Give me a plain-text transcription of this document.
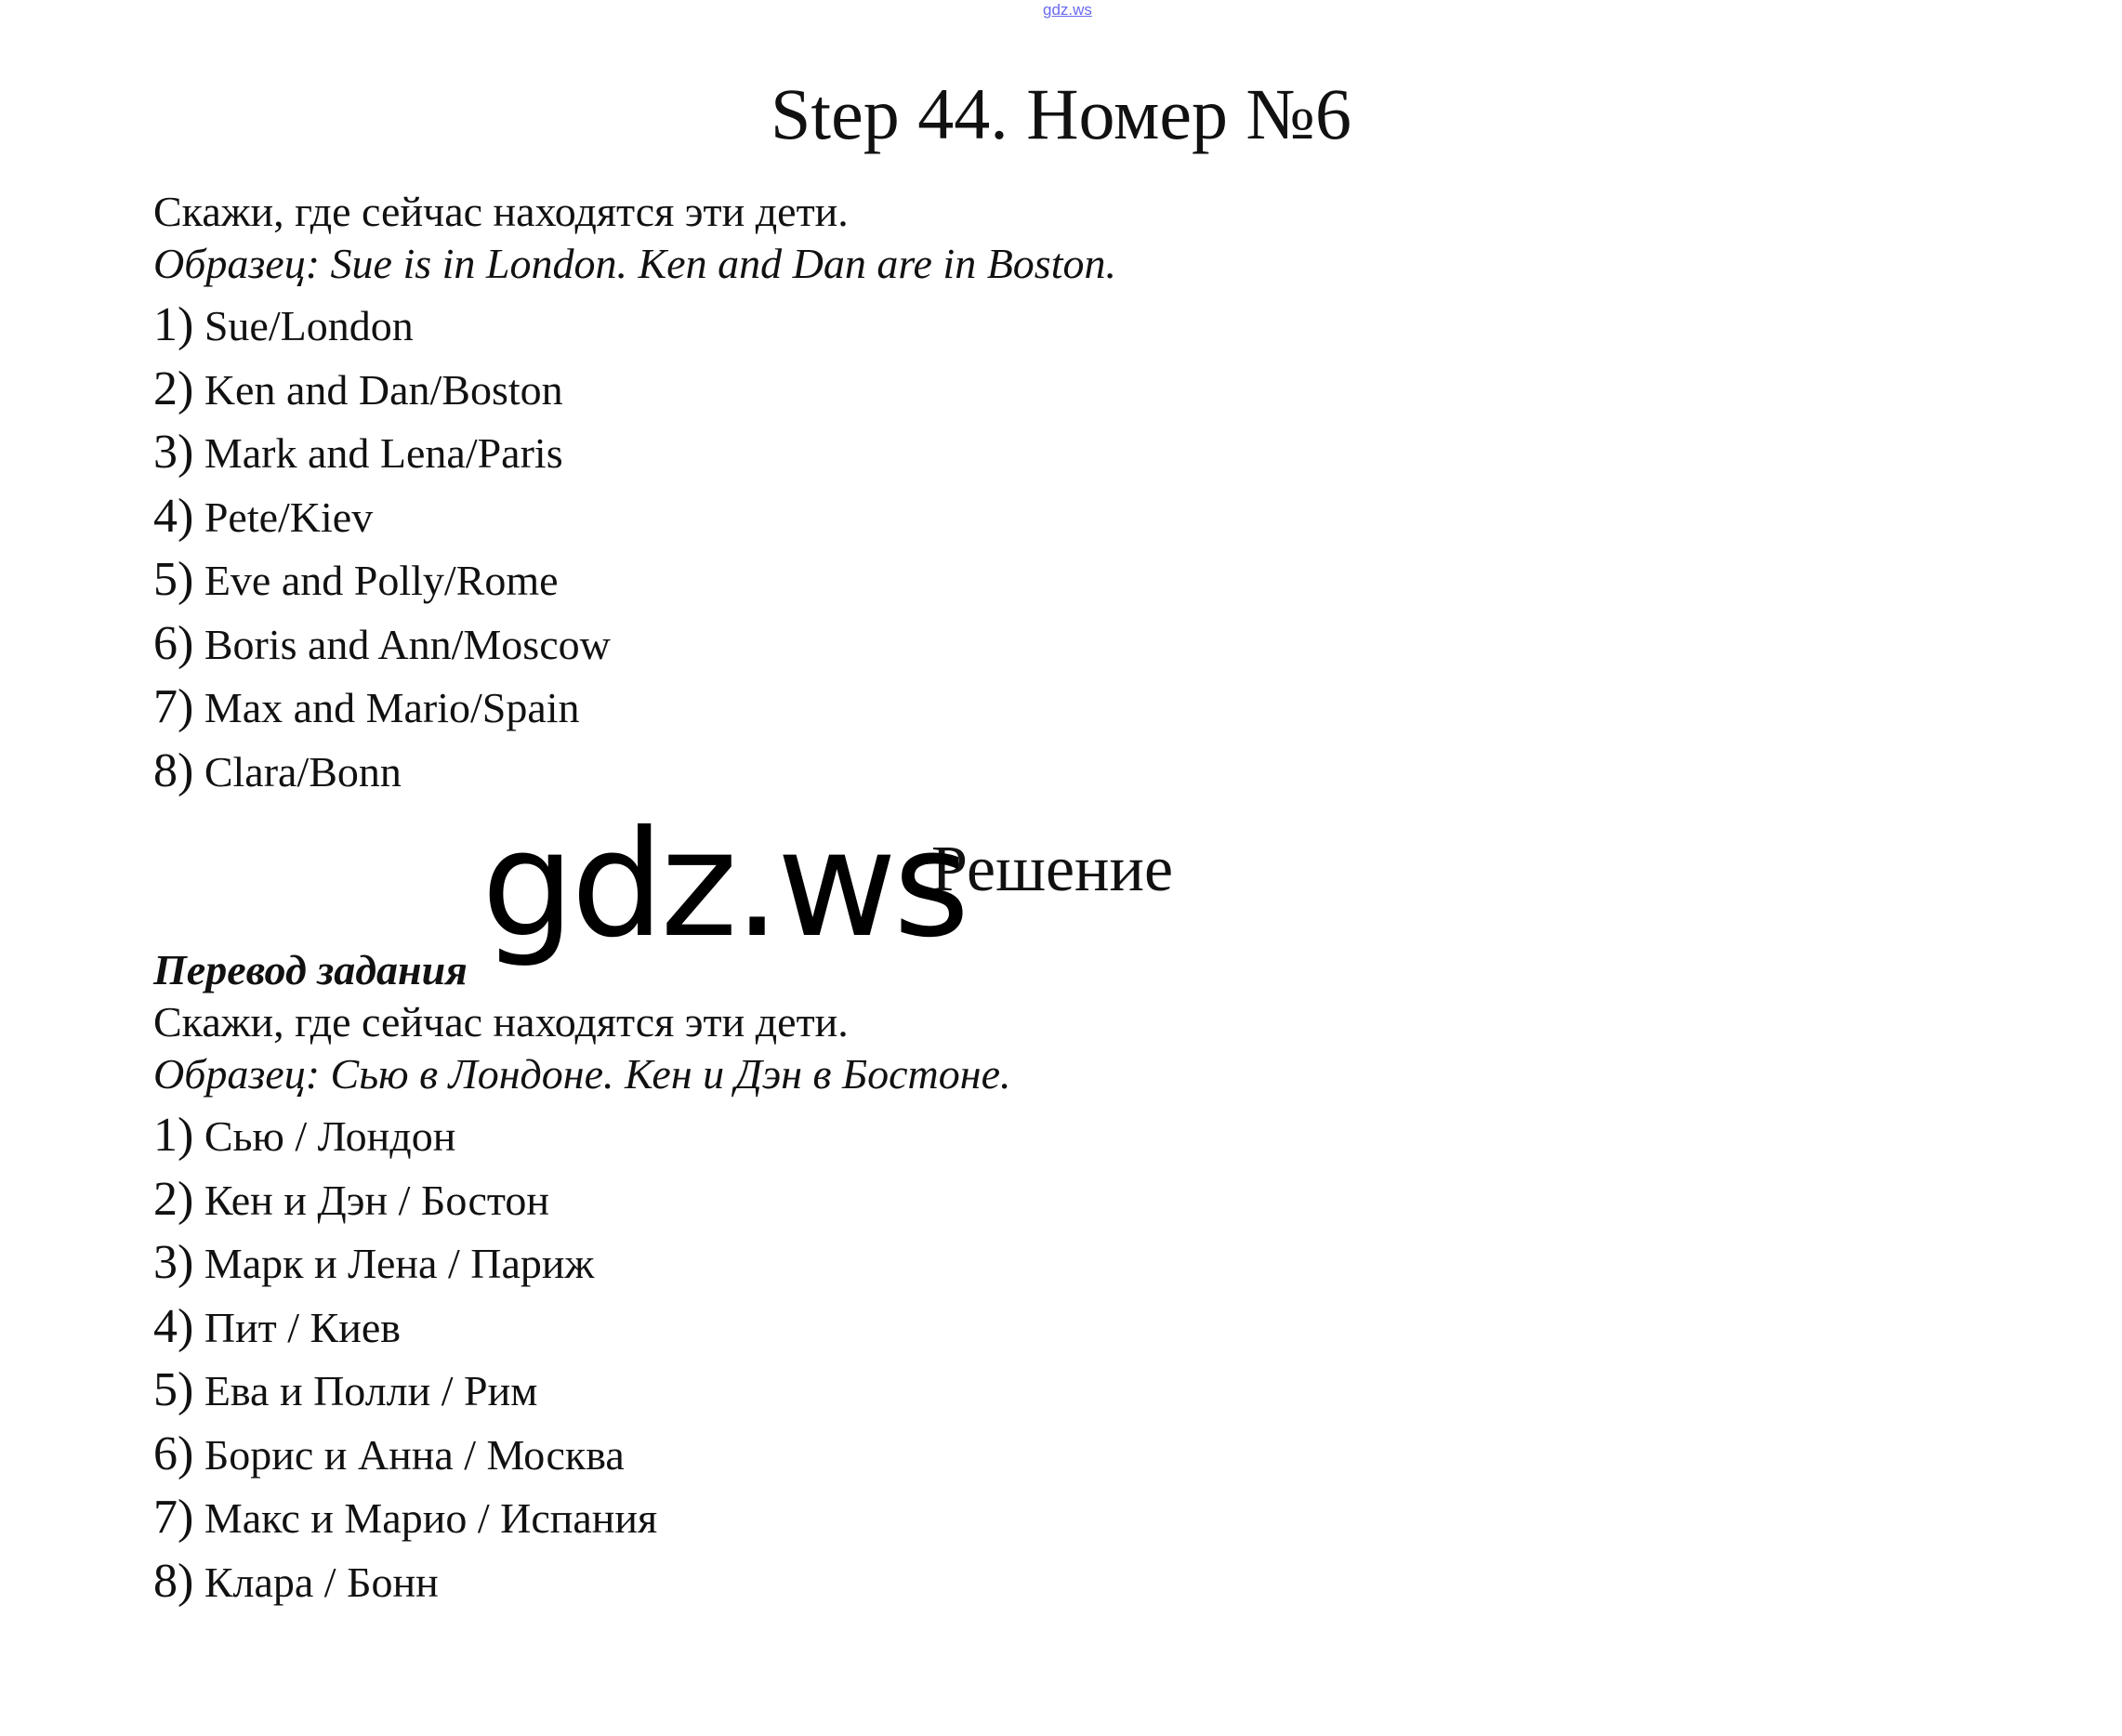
gdz.ws
Step 44. Номер №6
Скажи, где сейчас находятся эти дети.
Образец: Sue is in London. Ken and Dan are in Boston.
1) Sue/London
2) Ken and Dan/Boston
3) Mark and Lena/Paris
4) Pete/Kiev
5) Eve and Polly/Rome
6) Boris and Ann/Moscow
7) Max and Mario/Spain
8) Clara/Bonn
Решение
gdz.ws
Перевод задания
Скажи, где сейчас находятся эти дети.
Образец: Сью в Лондоне. Кен и Дэн в Бостоне.
1) Сью / Лондон
2) Кен и Дэн / Бостон
3) Марк и Лена / Париж
4) Пит / Киев
5) Ева и Полли / Рим
6) Борис и Анна / Москва
7) Макс и Марио / Испания
8) Клара / Бонн
